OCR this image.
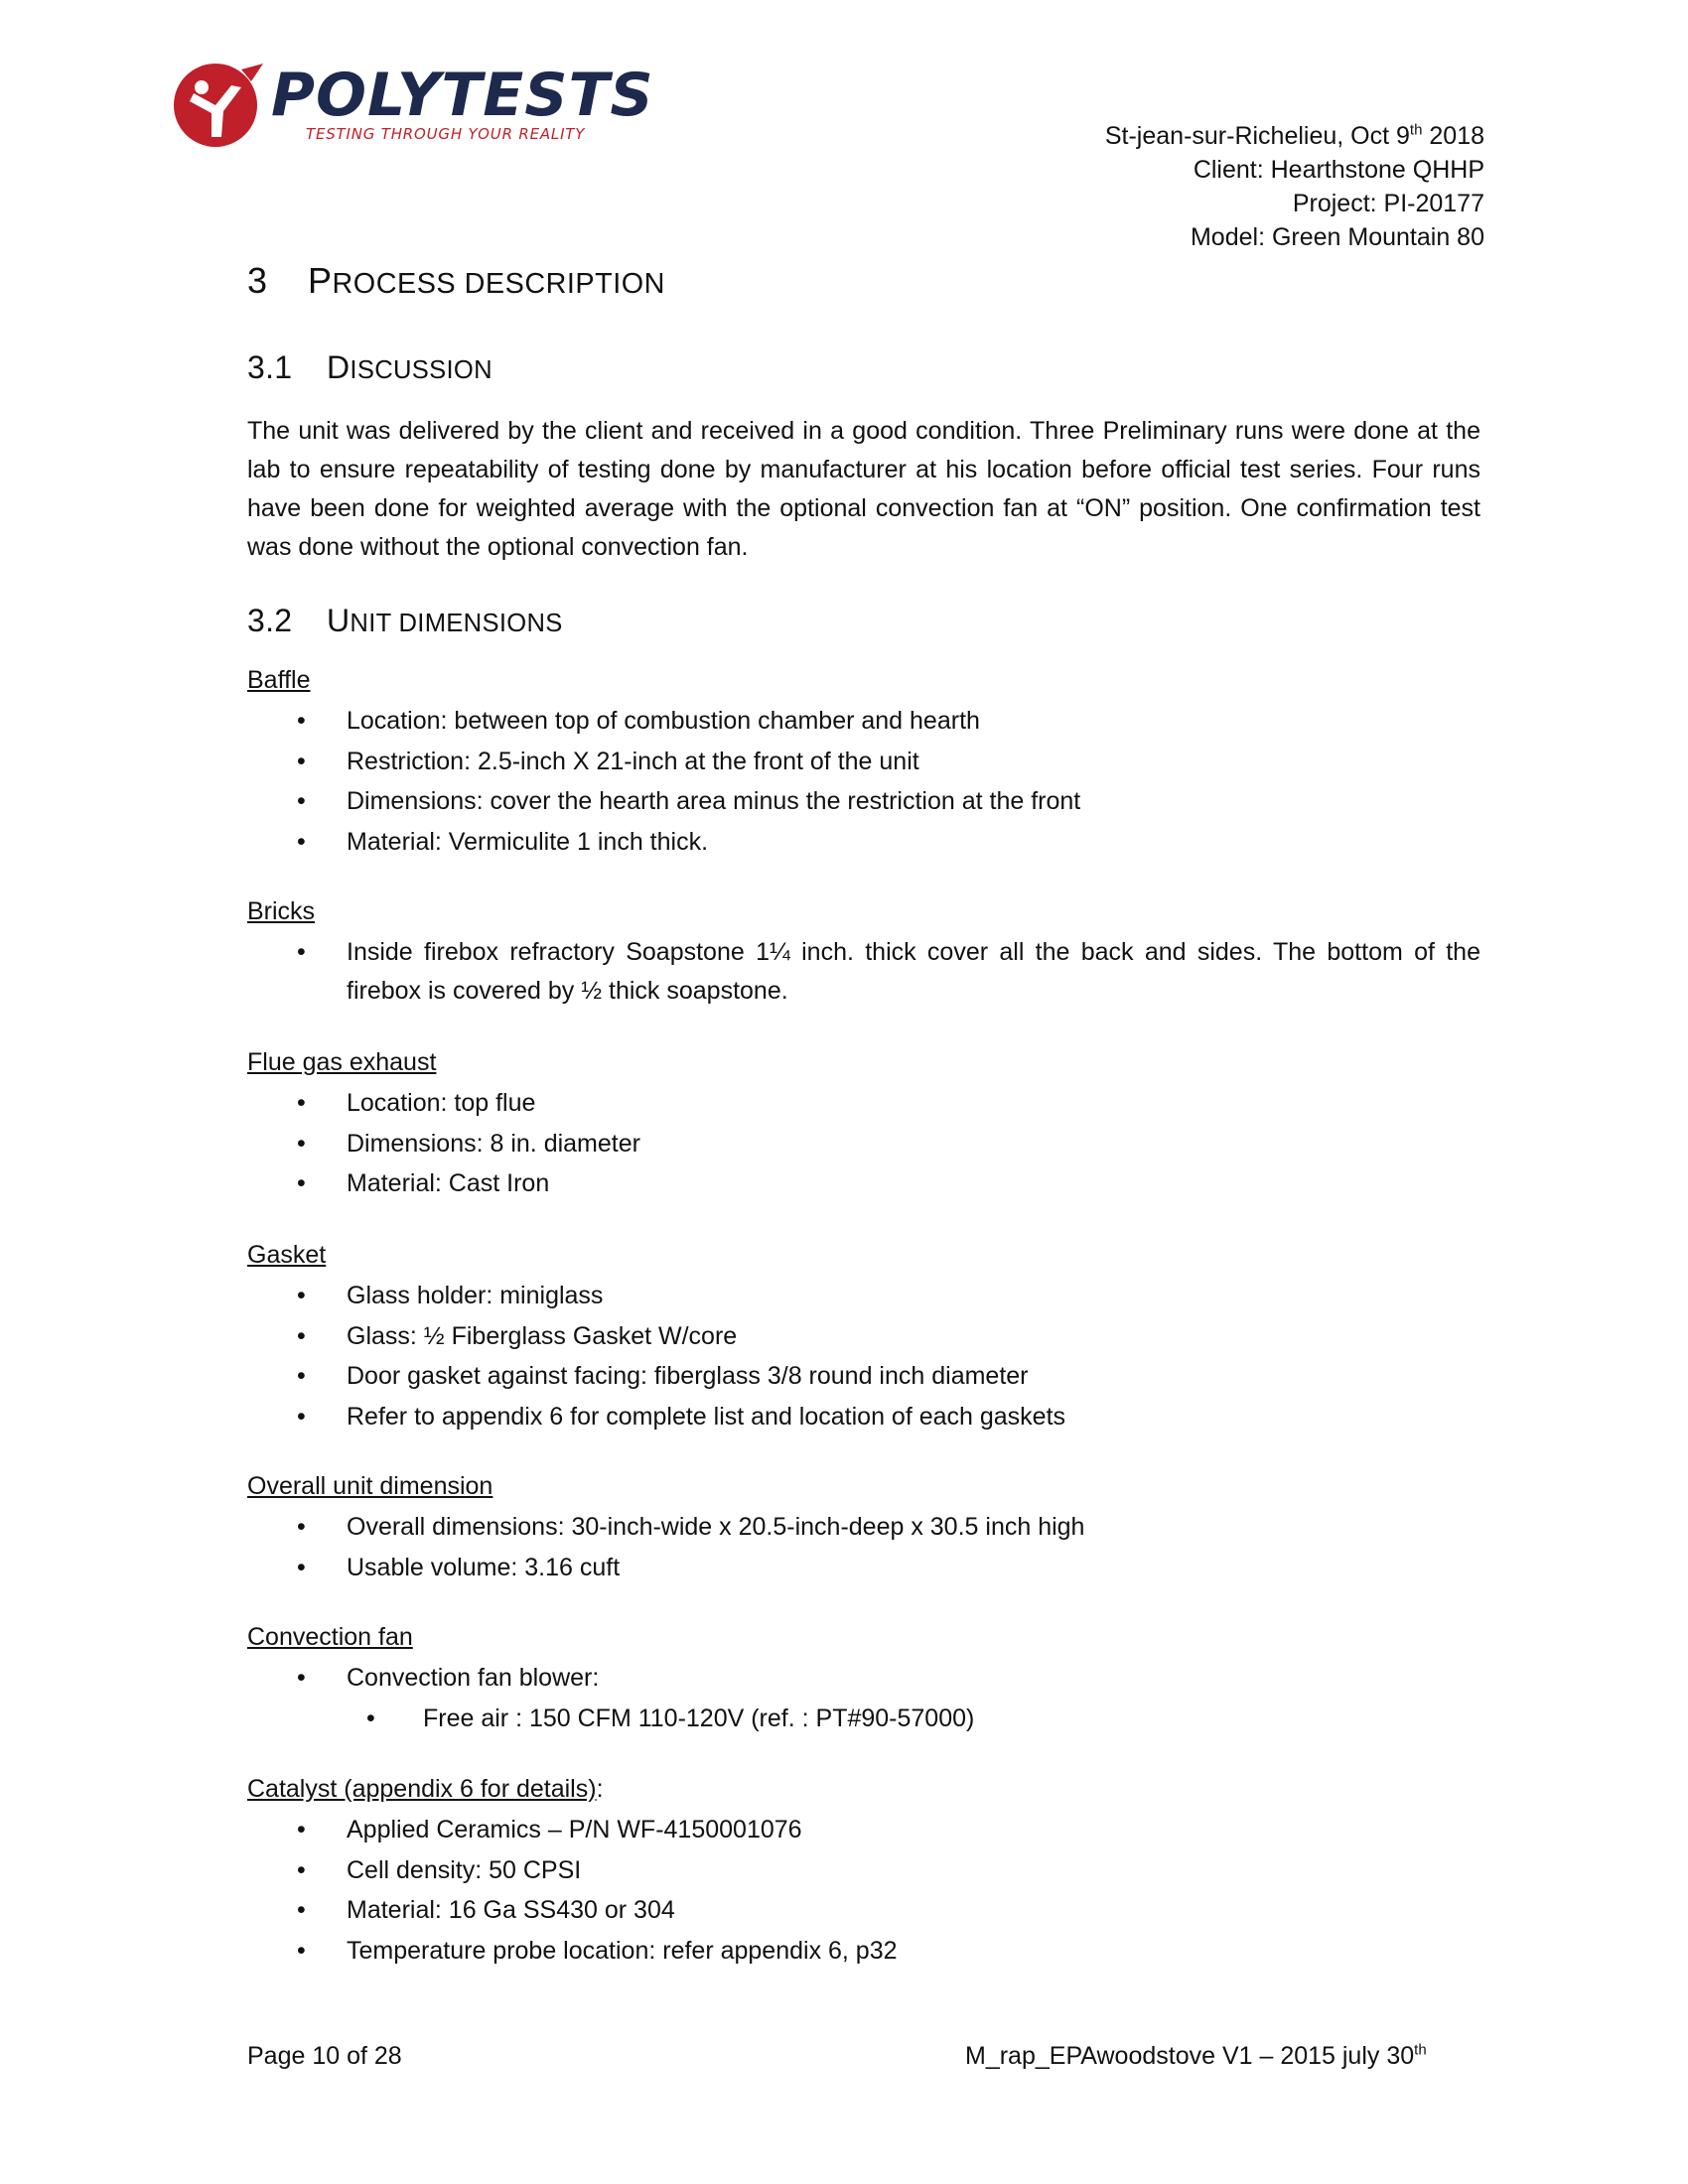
POLYTESTS
TESTING THROUGH YOUR REALITY	St-jean-sur-Richelieu, Oct 9th 2018
Client: Hearthstone QHHP
Project: PI-20177
Model: Green Mountain 80
3 PROCESS DESCRIPTION
3.1 DISCUSSION
The unit was delivered by the client and received in a good condition. Three Preliminary runs were done at the lab to ensure repeatability of testing done by manufacturer at his location before official test series. Four runs have been done for weighted average with the optional convection fan at “ON” position. One confirmation test was done without the optional convection fan.
3.2 UNIT DIMENSIONS
Baffle
• Location: between top of combustion chamber and hearth
• Restriction: 2.5-inch X 21-inch at the front of the unit
• Dimensions: cover the hearth area minus the restriction at the front
• Material: Vermiculite 1 inch thick.
Bricks
• Inside firebox refractory Soapstone 1¼ inch. thick cover all the back and sides. The bottom of the firebox is covered by ½ thick soapstone.
Flue gas exhaust
• Location: top flue
• Dimensions: 8 in. diameter
• Material: Cast Iron
Gasket
• Glass holder: miniglass
• Glass: ½ Fiberglass Gasket W/core
• Door gasket against facing: fiberglass 3/8 round inch diameter
• Refer to appendix 6 for complete list and location of each gaskets
Overall unit dimension
• Overall dimensions: 30-inch-wide x 20.5-inch-deep x 30.5 inch high
• Usable volume: 3.16 cuft
Convection fan
• Convection fan blower:
• Free air : 150 CFM 110-120V (ref. : PT#90-57000)
Catalyst (appendix 6 for details):
• Applied Ceramics – P/N WF-4150001076
• Cell density: 50 CPSI
• Material: 16 Ga SS430 or 304
• Temperature probe location: refer appendix 6, p32
Page 10 of 28	M_rap_EPAwoodstove V1 – 2015 july 30th
